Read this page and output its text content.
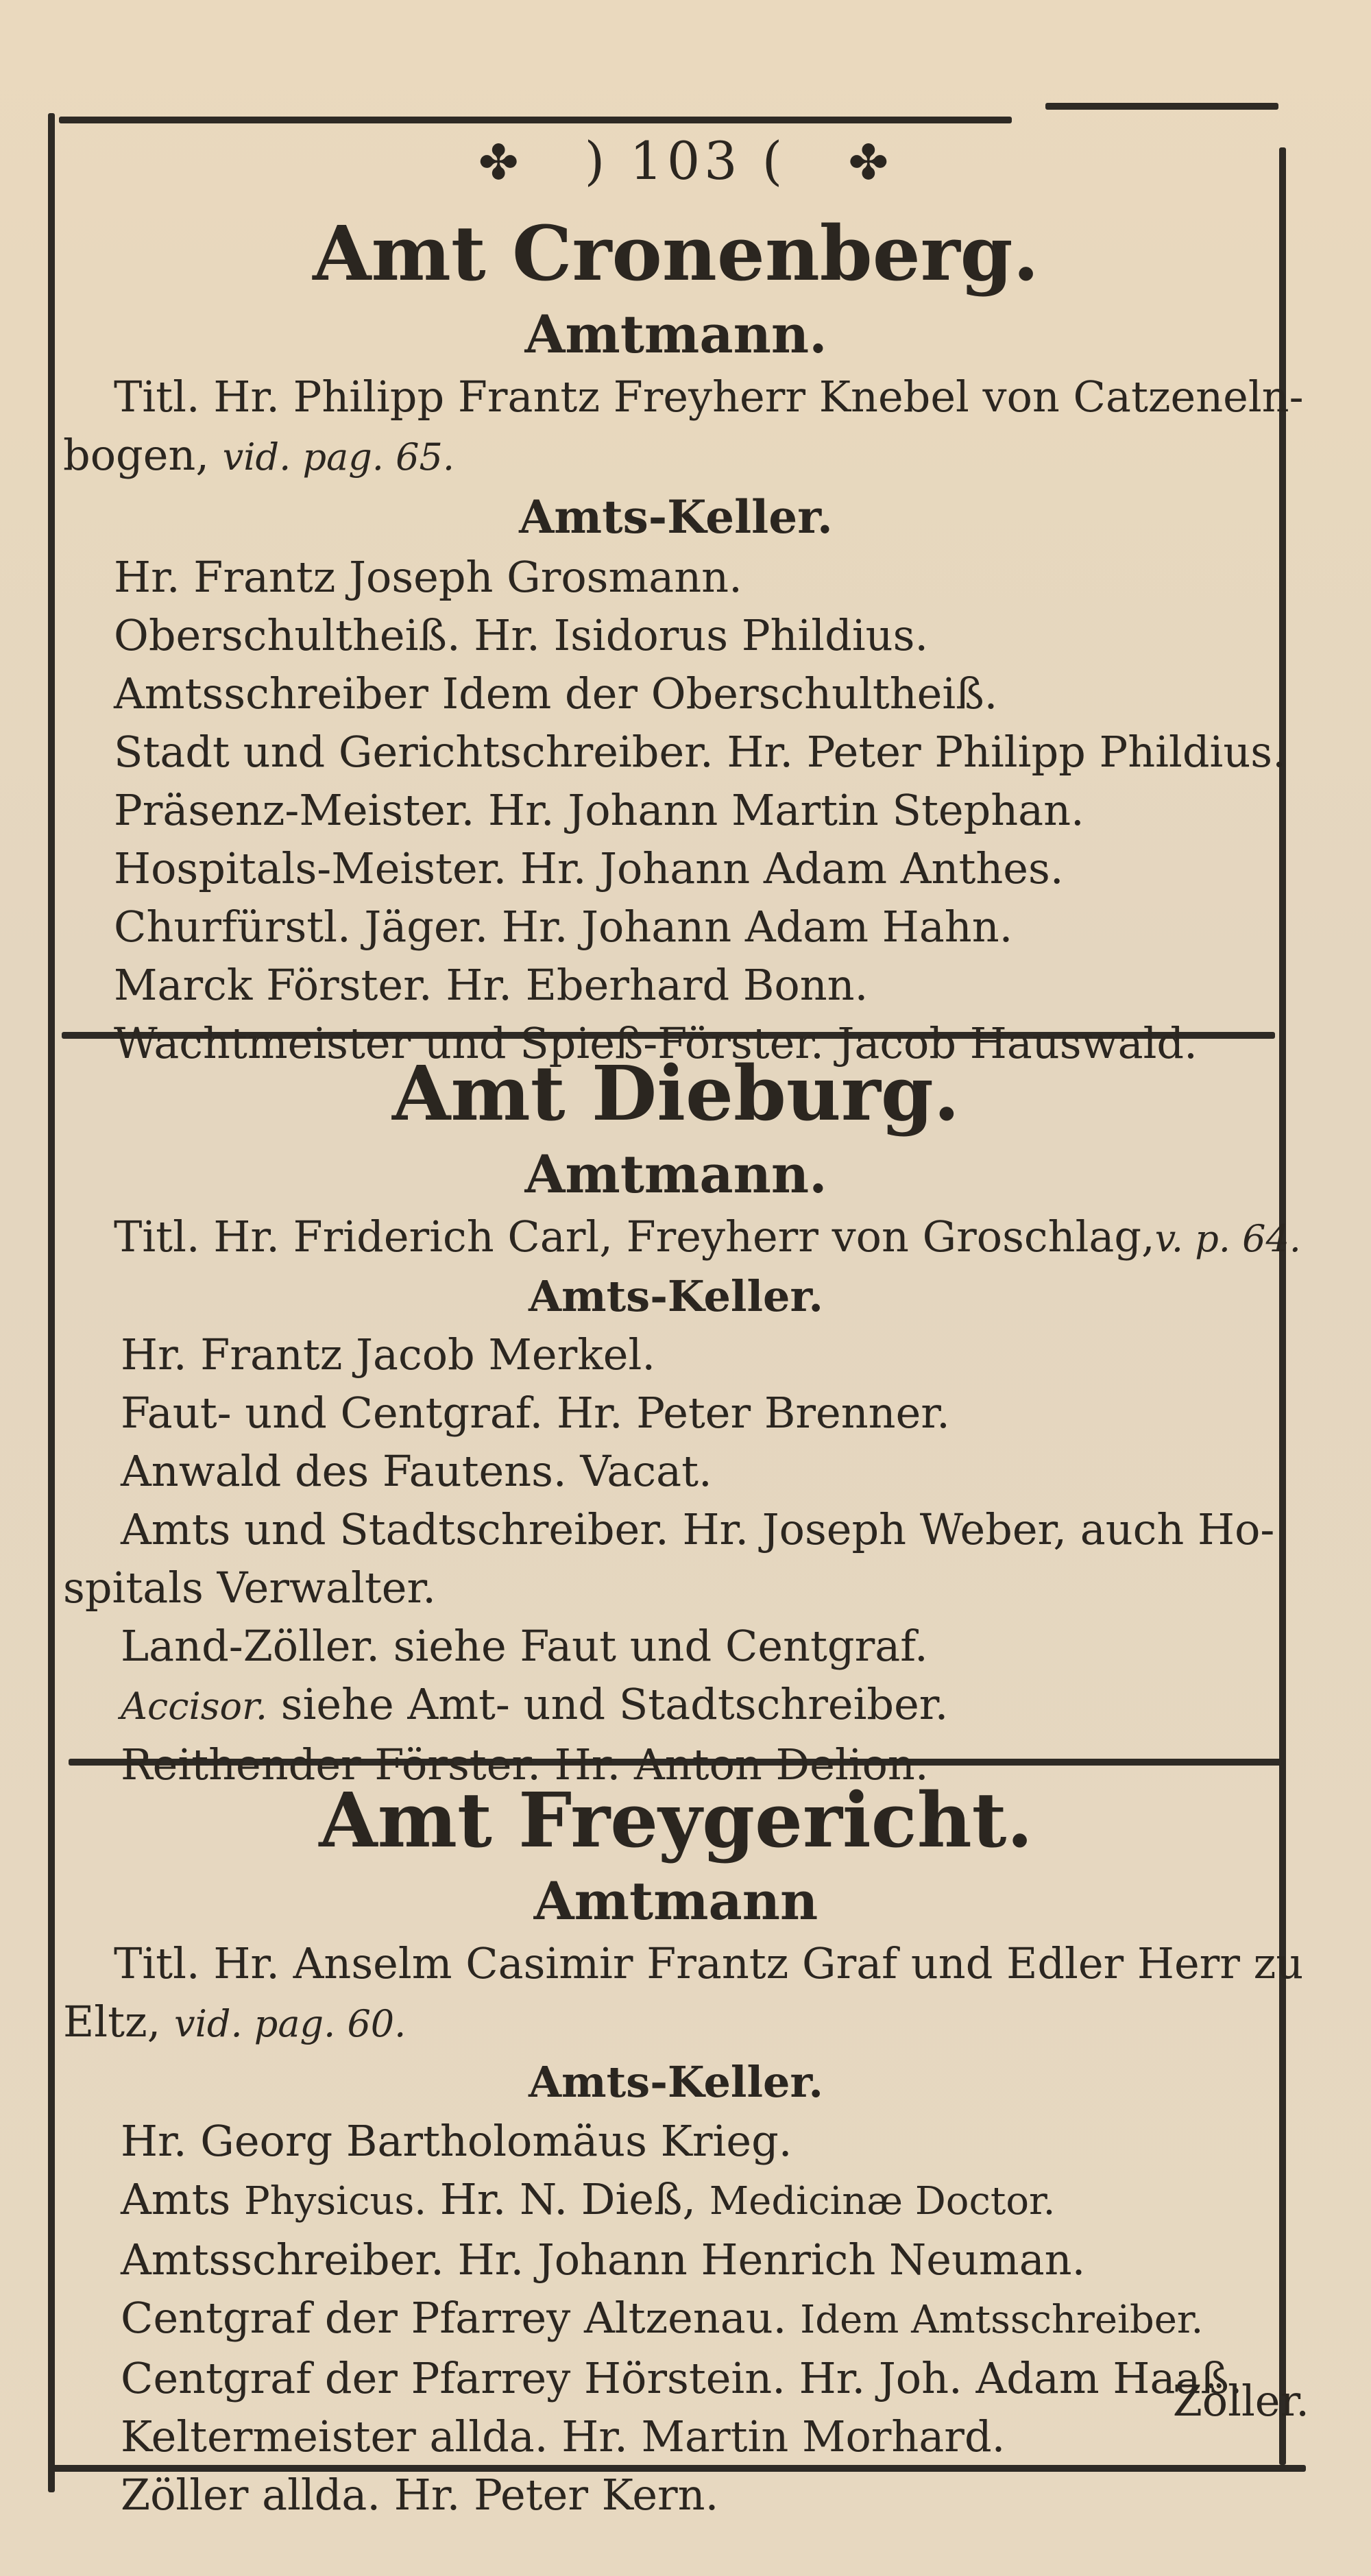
✤ ) 103 ( ✤
Amt Cronenberg.
Amtmann.
Titl. Hr. Philipp Frantz Freyherr Knebel von Catzeneln-
bogen, vid. pag. 65.
Amts-Keller.
Hr. Frantz Joseph Grosmann.
Oberschultheiß. Hr. Isidorus Phildius.
Amtsschreiber Idem der Oberschultheiß.
Stadt und Gerichtschreiber. Hr. Peter Philipp Phildius.
Präsenz-Meister. Hr. Johann Martin Stephan.
Hospitals-Meister. Hr. Johann Adam Anthes.
Churfürstl. Jäger. Hr. Johann Adam Hahn.
Marck Förster. Hr. Eberhard Bonn.
Wachtmeister und Spieß-Förster. Jacob Hauswald.
Amt Dieburg.
Amtmann.
Titl. Hr. Friderich Carl, Freyherr von Groschlag,v. p. 64.
Amts-Keller.
Hr. Frantz Jacob Merkel.
Faut- und Centgraf. Hr. Peter Brenner.
Anwald des Fautens. Vacat.
Amts und Stadtschreiber. Hr. Joseph Weber, auch Ho-
spitals Verwalter.
Land-Zöller. siehe Faut und Centgraf.
Accisor. siehe Amt- und Stadtschreiber.
Reithender Förster. Hr. Anton Delion.
Amt Freygericht.
Amtmann
Titl. Hr. Anselm Casimir Frantz Graf und Edler Herr zu
Eltz, vid. pag. 60.
Amts-Keller.
Hr. Georg Bartholomäus Krieg.
Amts Physicus. Hr. N. Dieß, Medicinæ Doctor.
Amtsschreiber. Hr. Johann Henrich Neuman.
Centgraf der Pfarrey Altzenau. Idem Amtsschreiber.
Centgraf der Pfarrey Hörstein. Hr. Joh. Adam Haaß.
Keltermeister allda. Hr. Martin Morhard.
Zöller allda. Hr. Peter Kern.
Zöller.
